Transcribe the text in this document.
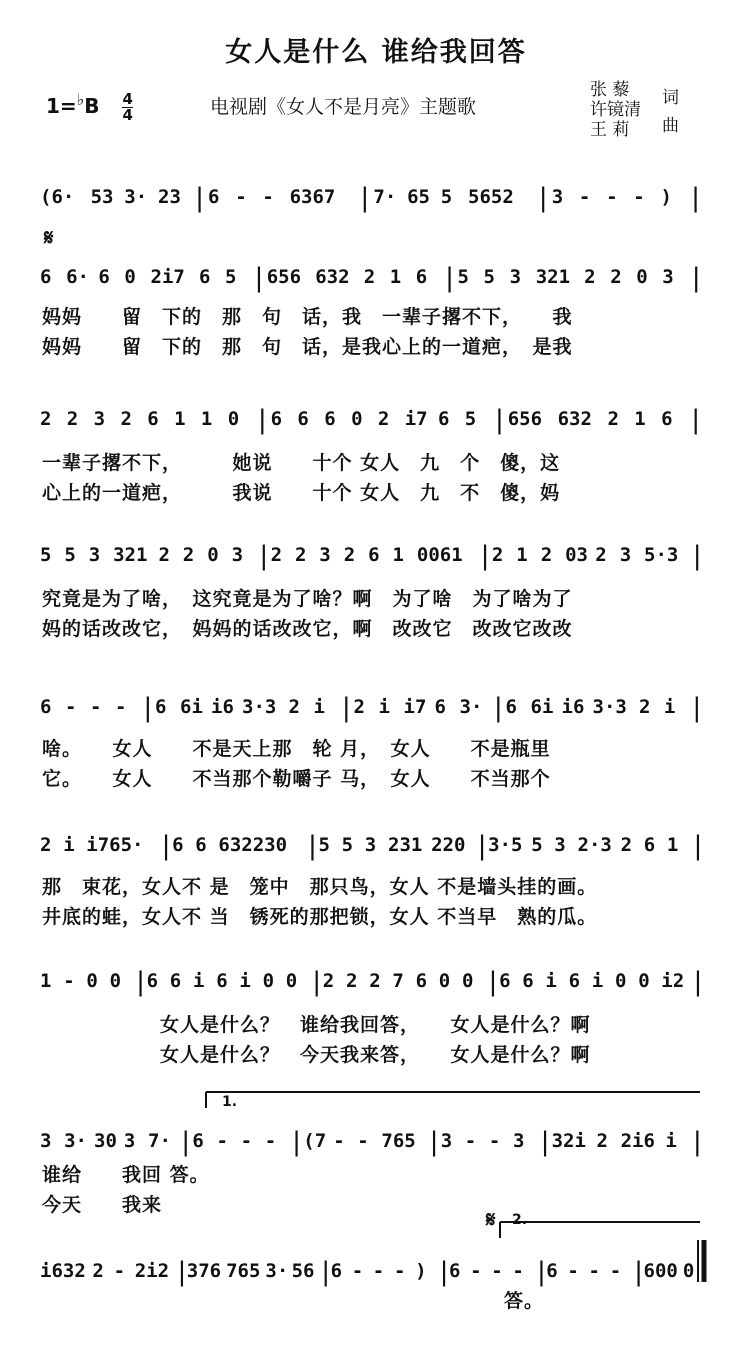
女人是什么 谁给我回答
$1=^♭B \frac{4}{4}$	电视剧《女人不是月亮》主题歌
张 藜
许镜清
王 莉
词
曲
𝄋
𝄋
1.
2.
(6· 53 3· 23 | 6 - - 6367 | 7· 65 5 5652 | 3 - - - ) |
6 6· 6 0 2i7 6 5 | 656 632 2 1 6 | 5 5 3 321 2 2 0 3 |
2 2 3 2 6 1 1 0 | 6 6 6 0 2 i7 6 5 | 656 632 2 1 6 |
5 5 3 321 2 2 0 3 |
2 2 3 2 6 1 0061 |
2 1 2 03 2 3 5·3 |
6 - - - | 6 6i i6 3·3 2 i | 2 i i7 6 3· | 6 6i i6 3·3 2 i |
2 i i765· |
6 6 632230 |
5 5 3 231 220 |
3·5 5 3 2·3 2 6 1 |
1 - 0 0 |
6 6 i 6 i 0 0 |
2 2 2 7 6 0 0 |
6 6 i 6 i 0 0 i2 |
3 3· 30 3 7· |
6 - - - |
(7 - - 765 |
3 - - 3 |
32i 2 2i6 i |
i632 2 - 2i2 |
376 765 3· 56 |
6 - - - ) |
6 - - - |
6 - - - |
600 0
妈妈　　留　下的　那　句　话，我　一辈子撂不下，　　我
妈妈　　留　下的　那　句　话，是我心上的一道疤，　是我
一辈子撂不下，　　　她说　　十个 女人　九　个　傻，这
心上的一道疤，　　　我说　　十个 女人　九　不　傻，妈
究竟是为了啥，　这究竟是为了啥？啊　为了啥　为了啥为了
妈的话改改它，　妈妈的话改改它，啊　改改它　改改它改改
啥。　　女人　　不是天上那　轮 月，　女人　　不是瓶里
它。　　女人　　不当那个勒嚼子 马，　女人　　不当那个
那　束花，女人不 是　笼中　那只鸟，女人 不是墙头挂的画。
井底的蛙，女人不 当　锈死的那把锁，女人 不当早　熟的瓜。
女人是什么？　谁给我回答，　　女人是什么？啊
女人是什么？　今天我来答，　　女人是什么？啊
谁给　　我回 答。
今天　　我来
答。
